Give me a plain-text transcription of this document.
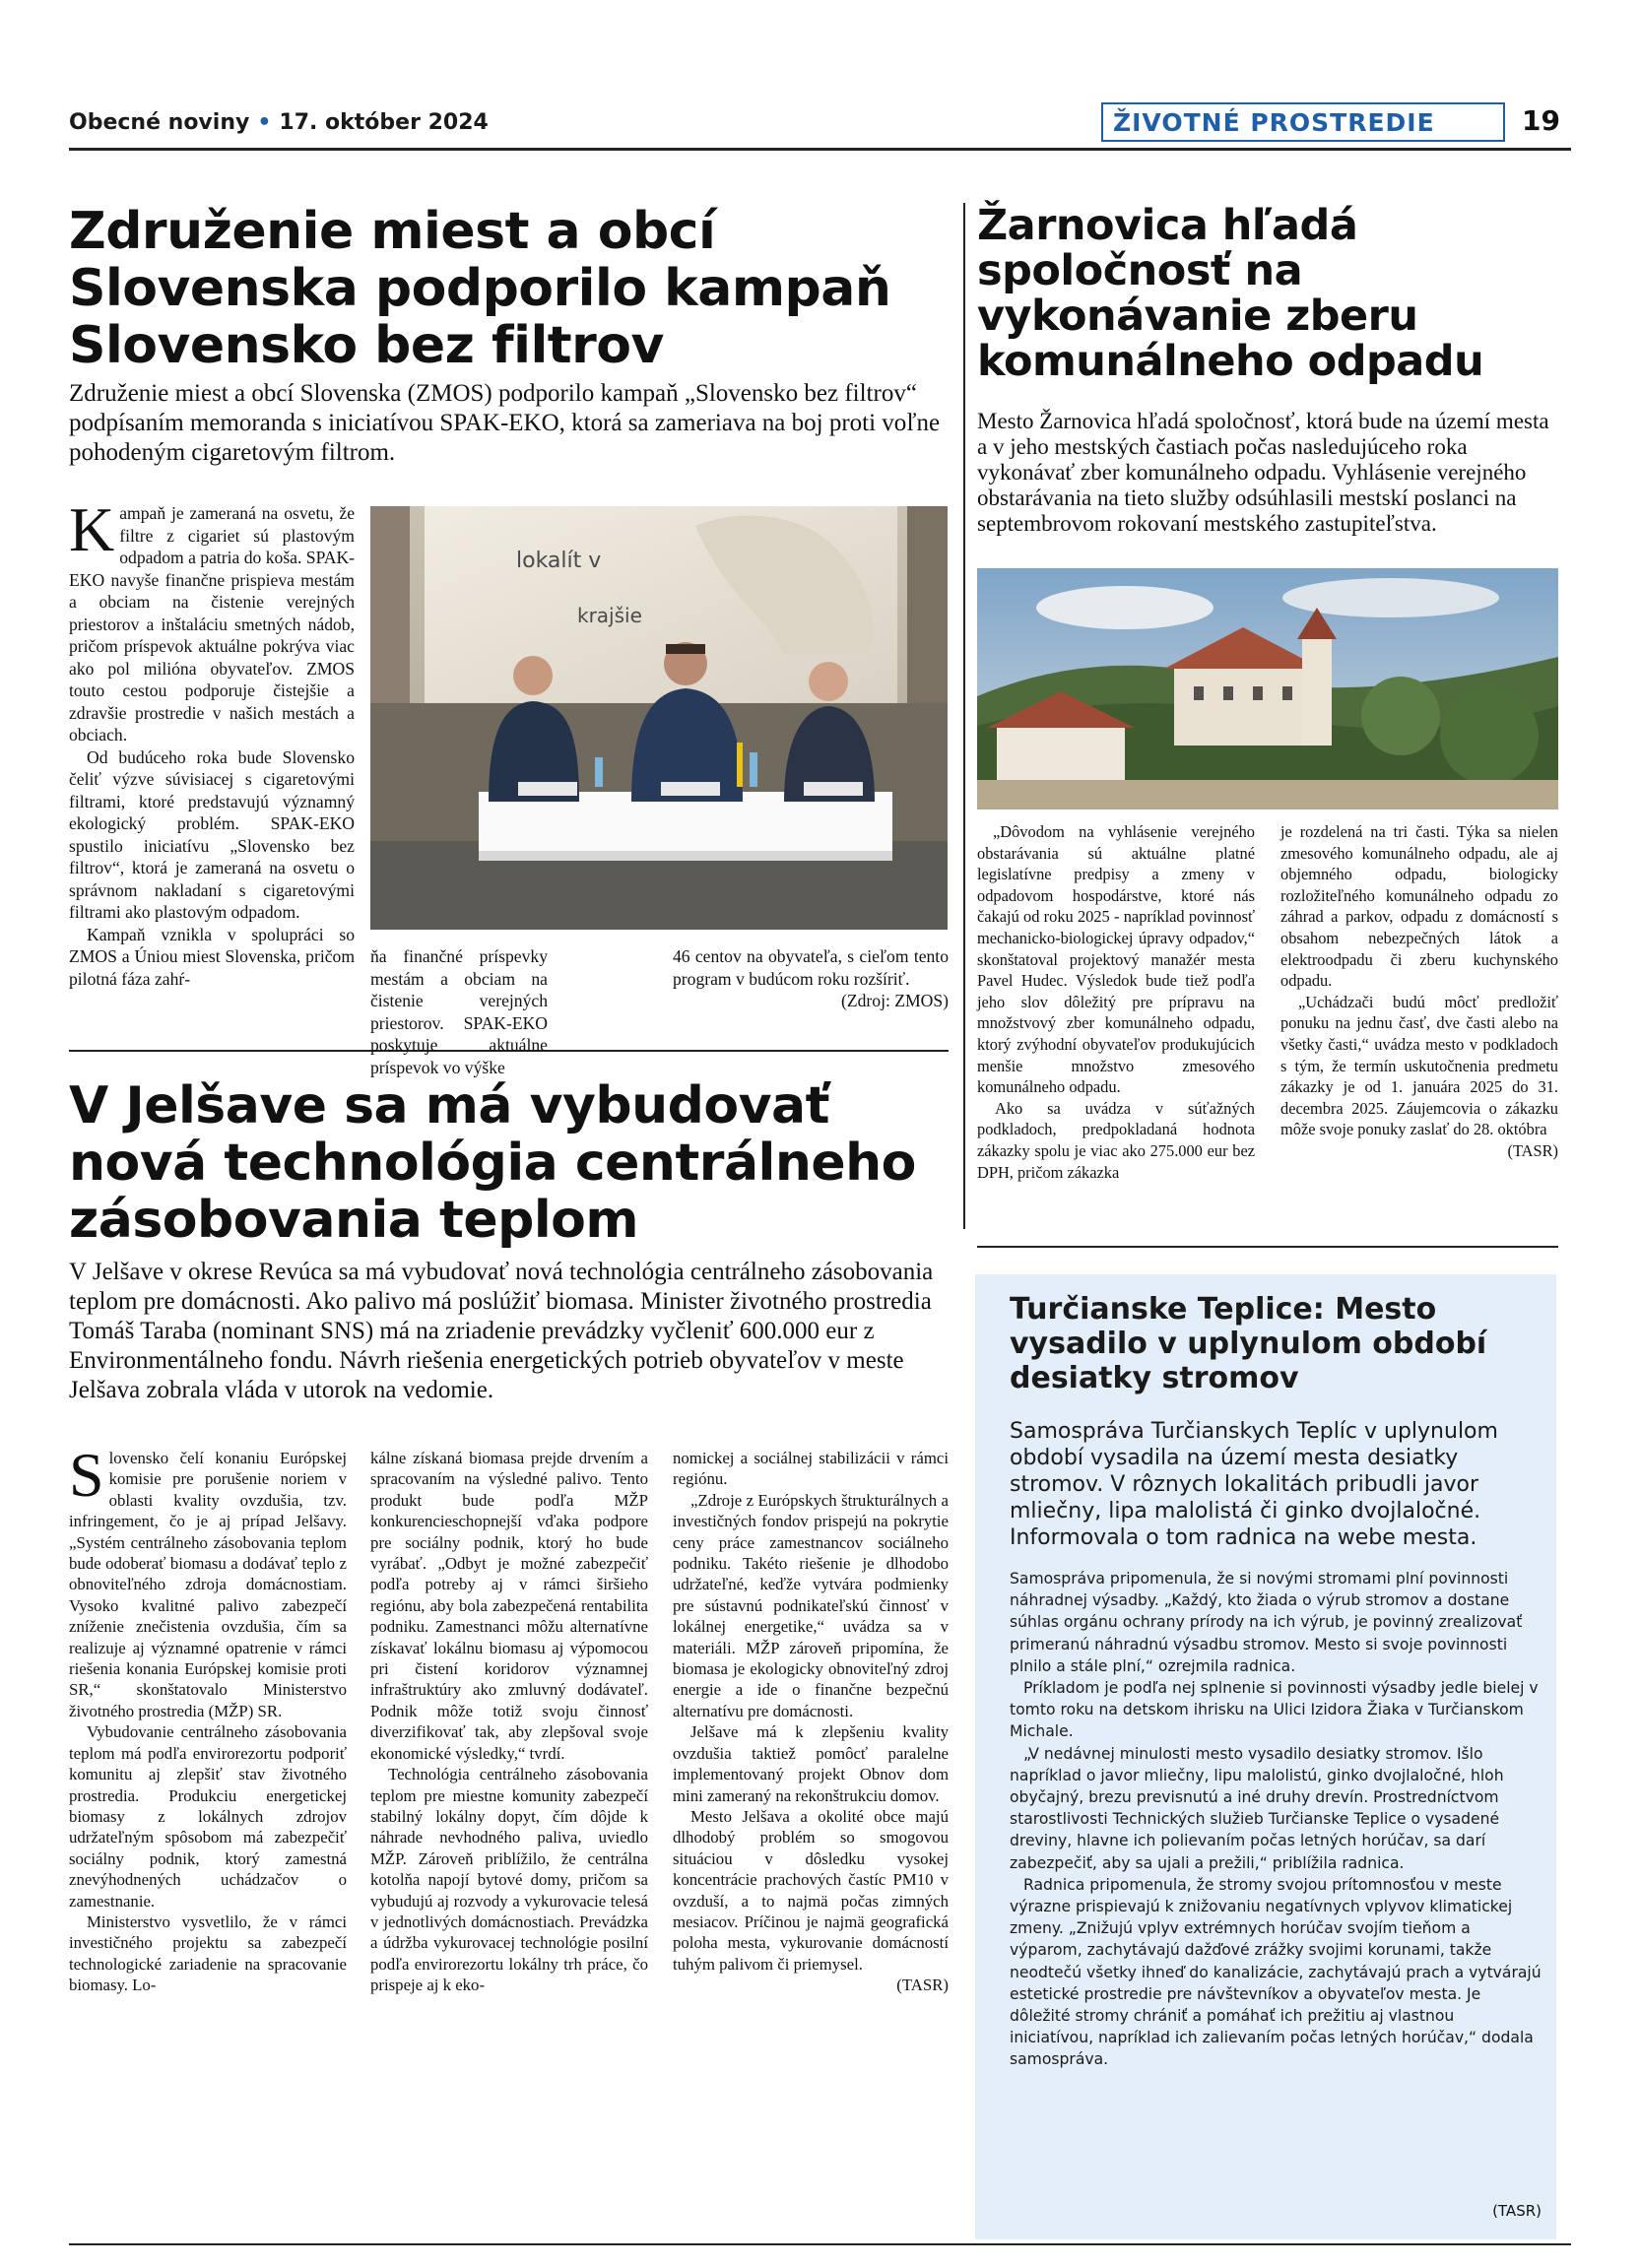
Obecné noviny • 17. október 2024	ŽIVOTNÉ PROSTREDIE	19
Združenie miest a obcí Slovenska podporilo kampaň Slovensko bez filtrov

Združenie miest a obcí Slovenska (ZMOS) podporilo kampaň „Slovensko bez filtrov“ podpísaním memoranda s iniciatívou SPAK-EKO, ktorá sa zameriava na boj proti voľne pohodeným cigaretovým filtrom.

Kampaň je zameraná na osvetu, že filtre z cigariet sú plastovým odpadom a patria do koša. SPAK-EKO navyše finančne prispieva mestám a obciam na čistenie verejných priestorov a inštaláciu smetných nádob, pričom príspevok aktuálne pokrýva viac ako pol milióna obyvateľov. ZMOS touto cestou podporuje čistejšie a zdravšie prostredie v našich mestách a obciach.

Od budúceho roka bude Slovensko čeliť výzve súvisiacej s cigaretovými filtrami, ktoré predstavujú významný ekologický problém. SPAK-EKO spustilo iniciatívu „Slovensko bez filtrov“, ktorá je zameraná na osvetu o správnom nakladaní s cigaretovými filtrami ako plastovým odpadom.

Kampaň vznikla v spolupráci so ZMOS a Úniou miest Slovenska, pričom pilotná fáza zahŕ-

lokalít v
krajšie

ňa finančné príspevky mestám a obciam na čistenie verejných priestorov. SPAK-EKO poskytuje aktuálne príspevok vo výške

46 centov na obyvateľa, s cieľom tento program v budúcom roku rozšíriť.

(Zdroj: ZMOS)

Žarnovica hľadá spoločnosť na vykonávanie zberu komunálneho odpadu

Mesto Žarnovica hľadá spoločnosť, ktorá bude na území mesta a v jeho mestských častiach počas nasledujúceho roka vykonávať zber komunálneho odpadu. Vyhlásenie verejného obstarávania na tieto služby odsúhlasili mestskí poslanci na septembrovom rokovaní mestského zastupiteľstva.

„Dôvodom na vyhlásenie verejného obstarávania sú aktuálne platné legislatívne predpisy a zmeny v odpadovom hospodárstve, ktoré nás čakajú od roku 2025 - napríklad povinnosť mechanicko-biologickej úpravy odpadov,“ skonštatoval projektový manažér mesta Pavel Hudec. Výsledok bude tiež podľa jeho slov dôležitý pre prípravu na množstvový zber komunálneho odpadu, ktorý zvýhodní obyvateľov produkujúcich menšie množstvo zmesového komunálneho odpadu.

Ako sa uvádza v súťažných podkladoch, predpokladaná hodnota zákazky spolu je viac ako 275.000 eur bez DPH, pričom zákazka

je rozdelená na tri časti. Týka sa nielen zmesového komunálneho odpadu, ale aj objemného odpadu, biologicky rozložiteľného komunálneho odpadu zo záhrad a parkov, odpadu z domácností s obsahom nebezpečných látok a elektroodpadu či zberu kuchynského odpadu.

„Uchádzači budú môcť predložiť ponuku na jednu časť, dve časti alebo na všetky časti,“ uvádza mesto v podkladoch s tým, že termín uskutočnenia predmetu zákazky je od 1. januára 2025 do 31. decembra 2025. Záujemcovia o zákazku môže svoje ponuky zaslať do 28. októbra

(TASR)

V Jelšave sa má vybudovať nová technológia centrálneho zásobovania teplom

V Jelšave v okrese Revúca sa má vybudovať nová technológia centrálneho zásobovania teplom pre domácnosti. Ako palivo má poslúžiť biomasa. Minister životného prostredia Tomáš Taraba (nominant SNS) má na zriadenie prevádzky vyčleniť 600.000 eur z Environmentálneho fondu. Návrh riešenia energetických potrieb obyvateľov v meste Jelšava zobrala vláda v utorok na vedomie.

Slovensko čelí konaniu Európskej komisie pre porušenie noriem v oblasti kvality ovzdušia, tzv. infringement, čo je aj prípad Jelšavy. „Systém centrálneho zásobovania teplom bude odoberať biomasu a dodávať teplo z obnoviteľného zdroja domácnostiam. Vysoko kvalitné palivo zabezpečí zníženie znečistenia ovzdušia, čím sa realizuje aj významné opatrenie v rámci riešenia konania Európskej komisie proti SR,“ skonštatovalo Ministerstvo životného prostredia (MŽP) SR.

Vybudovanie centrálneho zásobovania teplom má podľa envirorezortu podporiť komunitu aj zlepšiť stav životného prostredia. Produkciu energetickej biomasy z lokálnych zdrojov udržateľným spôsobom má zabezpečiť sociálny podnik, ktorý zamestná znevýhodnených uchádzačov o zamestnanie.

Ministerstvo vysvetlilo, že v rámci investičného projektu sa zabezpečí technologické zariadenie na spracovanie biomasy. Lo-

kálne získaná biomasa prejde drvením a spracovaním na výsledné palivo. Tento produkt bude podľa MŽP konkurencieschopnejší vďaka podpore pre sociálny podnik, ktorý ho bude vyrábať. „Odbyt je možné zabezpečiť podľa potreby aj v rámci širšieho regiónu, aby bola zabezpečená rentabilita podniku. Zamestnanci môžu alternatívne získavať lokálnu biomasu aj výpomocou pri čistení koridorov významnej infraštruktúry ako zmluvný dodávateľ. Podnik môže totiž svoju činnosť diverzifikovať tak, aby zlepšoval svoje ekonomické výsledky,“ tvrdí.

Technológia centrálneho zásobovania teplom pre miestne komunity zabezpečí stabilný lokálny dopyt, čím dôjde k náhrade nevhodného paliva, uviedlo MŽP. Zároveň priblížilo, že centrálna kotolňa napojí bytové domy, pričom sa vybudujú aj rozvody a vykurovacie telesá v jednotlivých domácnostiach. Prevádzka a údržba vykurovacej technológie posilní podľa envirorezortu lokálny trh práce, čo prispeje aj k eko-

nomickej a sociálnej stabilizácii v rámci regiónu.

„Zdroje z Európskych štrukturálnych a investičných fondov prispejú na pokrytie ceny práce zamestnancov sociálneho podniku. Takéto riešenie je dlhodobo udržateľné, keďže vytvára podmienky pre sústavnú podnikateľskú činnosť v lokálnej energetike,“ uvádza sa v materiáli. MŽP zároveň pripomína, že biomasa je ekologicky obnoviteľný zdroj energie a ide o finančne bezpečnú alternatívu pre domácnosti.

Jelšave má k zlepšeniu kvality ovzdušia taktiež pomôcť paralelne implementovaný projekt Obnov dom mini zameraný na rekonštrukciu domov.

Mesto Jelšava a okolité obce majú dlhodobý problém so smogovou situáciou v dôsledku vysokej koncentrácie prachových častíc PM10 v ovzduší, a to najmä počas zimných mesiacov. Príčinou je najmä geografická poloha mesta, vykurovanie domácností tuhým palivom či priemysel.

(TASR)

Turčianske Teplice: Mesto vysadilo v uplynulom období desiatky stromov

Samospráva Turčianskych Teplíc v uplynulom období vysadila na území mesta desiatky stromov. V rôznych lokalitách pribudli javor mliečny, lipa malolistá či ginko dvojlaločné. Informovala o tom radnica na webe mesta.

Samospráva pripomenula, že si novými stromami plní povinnosti náhradnej výsadby. „Každý, kto žiada o výrub stromov a dostane súhlas orgánu ochrany prírody na ich výrub, je povinný zrealizovať primeranú náhradnú výsadbu stromov. Mesto si svoje povinnosti plnilo a stále plní,“ ozrejmila radnica.

Príkladom je podľa nej splnenie si povinnosti výsadby jedle bielej v tomto roku na detskom ihrisku na Ulici Izidora Žiaka v Turčianskom Michale.

„V nedávnej minulosti mesto vysadilo desiatky stromov. Išlo napríklad o javor mliečny, lipu malolistú, ginko dvojlaločné, hloh obyčajný, brezu previsnutú a iné druhy drevín. Prostredníctvom starostlivosti Technických služieb Turčianske Teplice o vysadené dreviny, hlavne ich polievaním počas letných horúčav, sa darí zabezpečiť, aby sa ujali a prežili,“ priblížila radnica.

Radnica pripomenula, že stromy svojou prítomnosťou v meste výrazne prispievajú k znižovaniu negatívnych vplyvov klimatickej zmeny. „Znižujú vplyv extrémnych horúčav svojím tieňom a výparom, zachytávajú dažďové zrážky svojimi korunami, takže neodtečú všetky ihneď do kanalizácie, zachytávajú prach a vytvárajú estetické prostredie pre návštevníkov a obyvateľov mesta. Je dôležité stromy chrániť a pomáhať ich prežitiu aj vlastnou iniciatívou, napríklad ich zalievaním počas letných horúčav,“ dodala samospráva.

(TASR)
